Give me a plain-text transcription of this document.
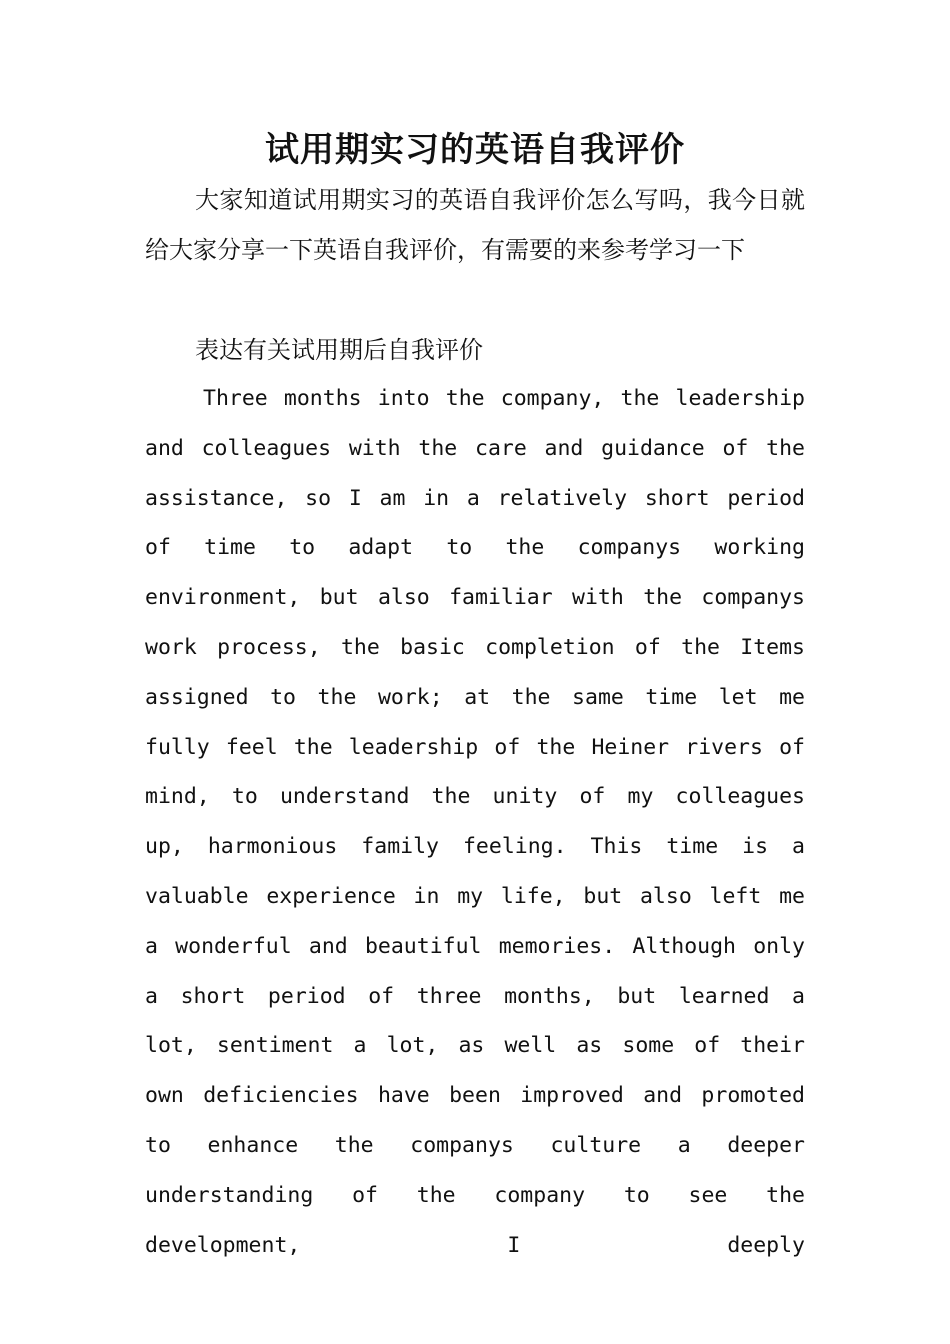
试用期实习的英语自我评价

大家知道试用期实习的英语自我评价怎么写吗，我今日就给大家分享一下英语自我评价，有需要的来参考学习一下

表达有关试用期后自我评价

Three months into the company, the leadership and colleagues with the care and guidance of the assistance, so I am in a relatively short period of time to adapt to the companys working environment, but also familiar with the companys work process, the basic completion of the Items assigned to the work; at the same time let me fully feel the leadership of the Heiner rivers of mind, to understand the unity of my colleagues up, harmonious family feeling. This time is a valuable experience in my life, but also left me a wonderful and beautiful memories. Although only a short period of three months, but learned a lot, sentiment a lot, as well as some of their own deficiencies have been improved and promoted to enhance the companys culture a deeper understanding of the company to see the development, I deeply
